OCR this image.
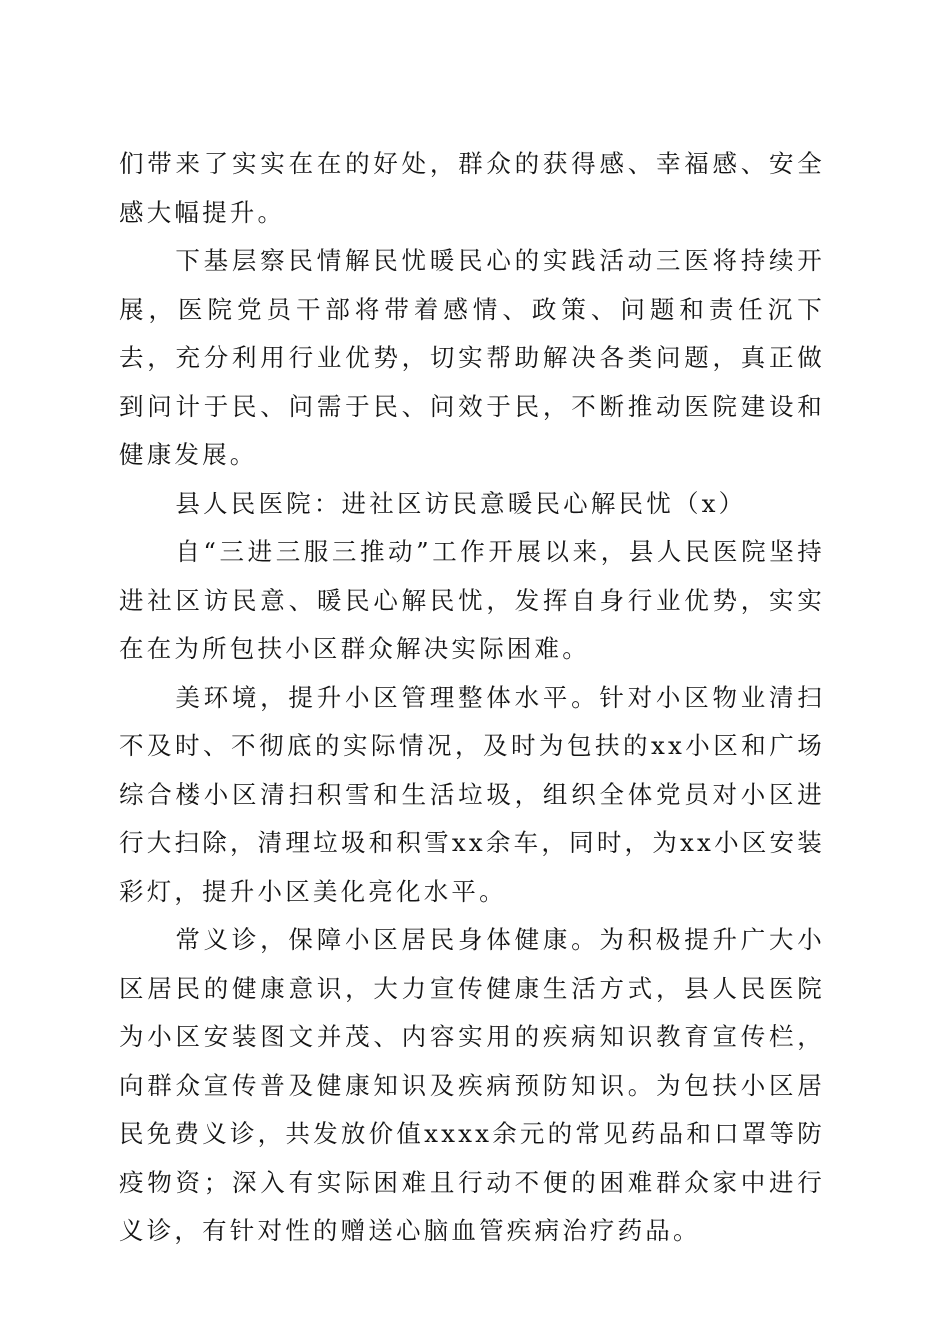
们带来了实实在在的好处，群众的获得感、幸福感、安全感大幅提升。

下基层察民情解民忧暖民心的实践活动三医将持续开展，医院党员干部将带着感情、政策、问题和责任沉下去，充分利用行业优势，切实帮助解决各类问题，真正做到问计于民、问需于民、问效于民，不断推动医院建设和健康发展。

县人民医院：进社区访民意暖民心解民忧（x）

自“三进三服三推动”工作开展以来，县人民医院坚持进社区访民意、暖民心解民忧，发挥自身行业优势，实实在在为所包扶小区群众解决实际困难。

美环境，提升小区管理整体水平。针对小区物业清扫不及时、不彻底的实际情况，及时为包扶的xx小区和广场综合楼小区清扫积雪和生活垃圾，组织全体党员对小区进行大扫除，清理垃圾和积雪xx余车，同时，为xx小区安装彩灯，提升小区美化亮化水平。

常义诊，保障小区居民身体健康。为积极提升广大小区居民的健康意识，大力宣传健康生活方式，县人民医院为小区安装图文并茂、内容实用的疾病知识教育宣传栏，向群众宣传普及健康知识及疾病预防知识。为包扶小区居民免费义诊，共发放价值xxxx余元的常见药品和口罩等防疫物资；深入有实际困难且行动不便的困难群众家中进行义诊，有针对性的赠送心脑血管疾病治疗药品。
